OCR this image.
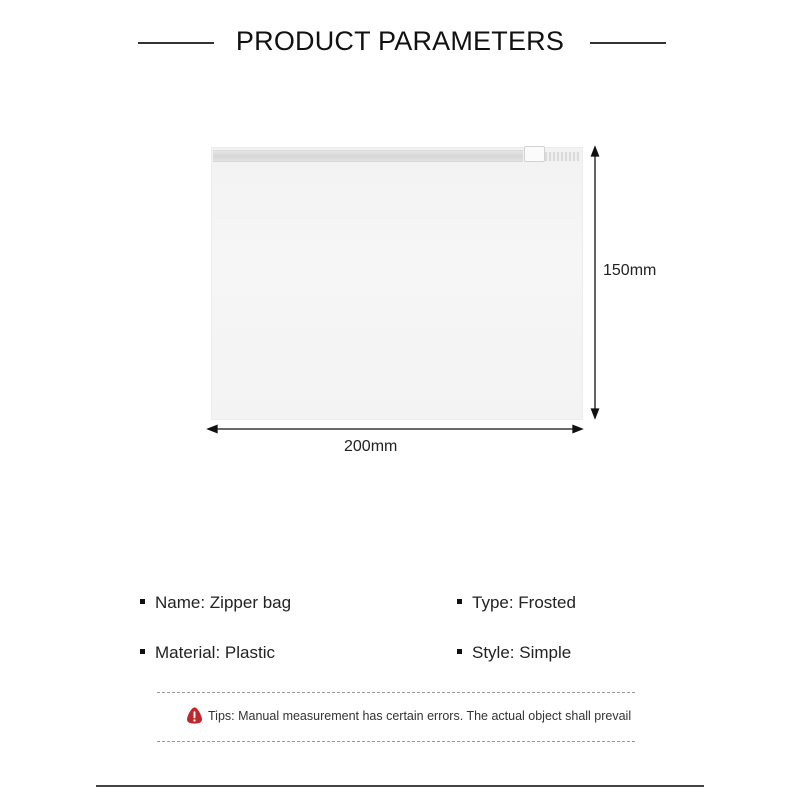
PRODUCT PARAMETERS
200mm
150mm
Name: Zipper bag	Type: Frosted
Material: Plastic	Style: Simple
Tips: Manual measurement has certain errors. The actual object shall prevail
